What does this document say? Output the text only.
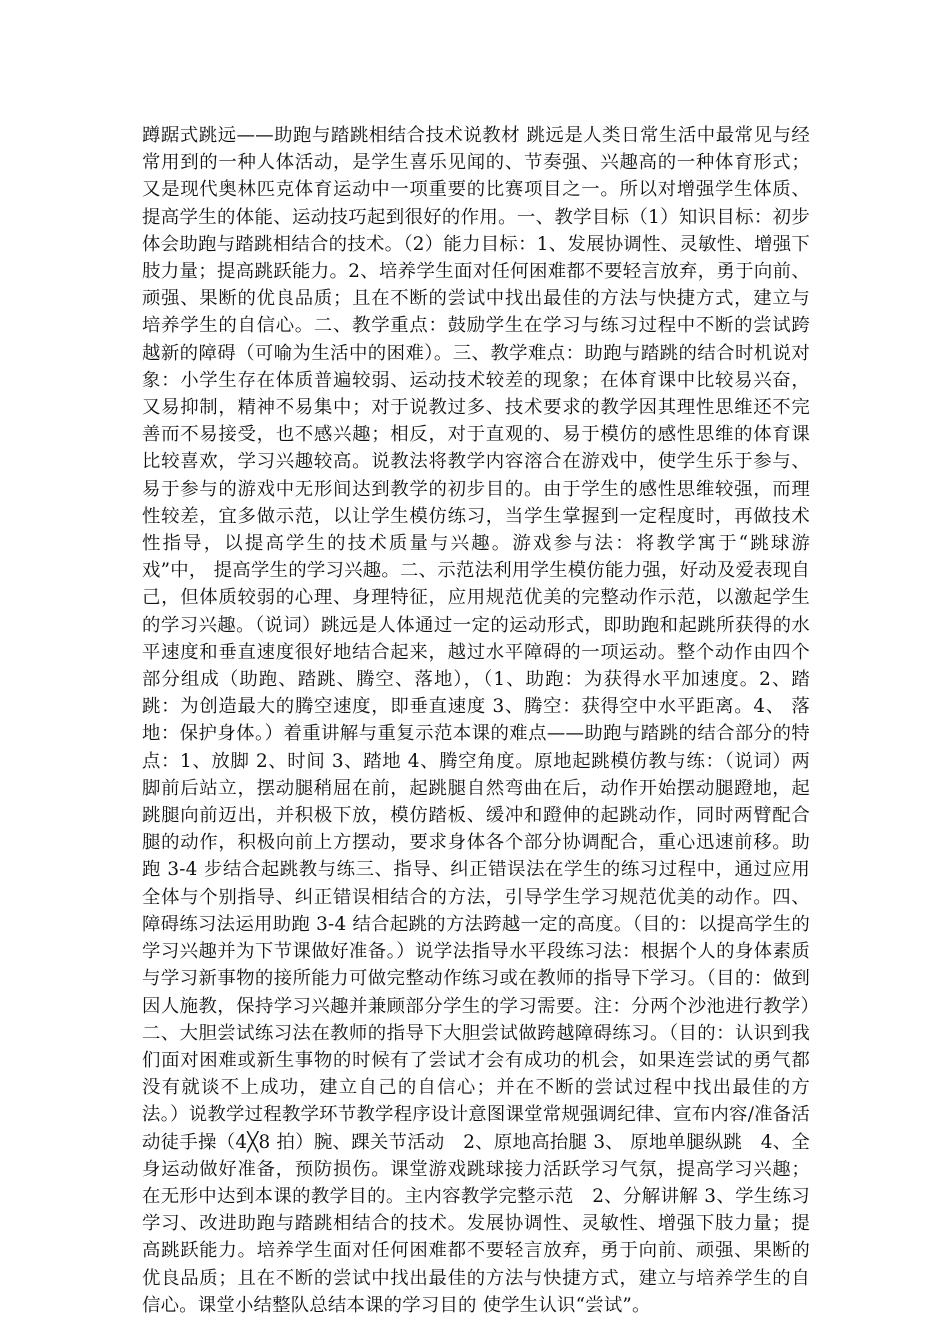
蹲踞式跳远——助跑与踏跳相结合技术说教材 跳远是人类日常生活中最常见与经常用到的一种人体活动，是学生喜乐见闻的、节奏强、兴趣高的一种体育形式；又是现代奥林匹克体育运动中一项重要的比赛项目之一。所以对增强学生体质、提高学生的体能、运动技巧起到很好的作用。一、教学目标（1）知识目标：初步体会助跑与踏跳相结合的技术。（2）能力目标：1、发展协调性、灵敏性、增强下肢力量；提高跳跃能力。2、培养学生面对任何困难都不要轻言放弃，勇于向前、顽强、果断的优良品质；且在不断的尝试中找出最佳的方法与快捷方式，建立与培养学生的自信心。二、教学重点：鼓励学生在学习与练习过程中不断的尝试跨越新的障碍（可喻为生活中的困难）。三、教学难点：助跑与踏跳的结合时机说对象：小学生存在体质普遍较弱、运动技术较差的现象；在体育课中比较易兴奋，又易抑制，精神不易集中；对于说教过多、技术要求的教学因其理性思维还不完善而不易接受，也不感兴趣；相反，对于直观的、易于模仿的感性思维的体育课比较喜欢，学习兴趣较高。说教法将教学内容溶合在游戏中，使学生乐于参与、易于参与的游戏中无形间达到教学的初步目的。由于学生的感性思维较强，而理性较差，宜多做示范，以让学生模仿练习，当学生掌握到一定程度时，再做技术性指导，以提高学生的技术质量与兴趣。游戏参与法：将教学寓于“跳球游戏”中， 提高学生的学习兴趣。二、示范法利用学生模仿能力强，好动及爱表现自己，但体质较弱的心理、身理特征，应用规范优美的完整动作示范，以激起学生的学习兴趣。（说词）跳远是人体通过一定的运动形式，即助跑和起跳所获得的水平速度和垂直速度很好地结合起来，越过水平障碍的一项运动。整个动作由四个部分组成（助跑、踏跳、腾空、落地），（1、助跑：为获得水平加速度。2、踏跳：为创造最大的腾空速度，即垂直速度 3、腾空：获得空中水平距离。4、 落地：保护身体。）着重讲解与重复示范本课的难点——助跑与踏跳的结合部分的特点：1、放脚 2、时间 3、踏地 4、腾空角度。原地起跳模仿教与练：（说词）两脚前后站立，摆动腿稍屈在前，起跳腿自然弯曲在后，动作开始摆动腿蹬地，起跳腿向前迈出，并积极下放，模仿踏板、缓冲和蹬伸的起跳动作，同时两臂配合腿的动作，积极向前上方摆动，要求身体各个部分协调配合，重心迅速前移。助跑 3-4 步结合起跳教与练三、指导、纠正错误法在学生的练习过程中，通过应用全体与个别指导、纠正错误相结合的方法，引导学生学习规范优美的动作。四、障碍练习法运用助跑 3-4 结合起跳的方法跨越一定的高度。（目的：以提高学生的学习兴趣并为下节课做好准备。）说学法指导水平段练习法：根据个人的身体素质与学习新事物的接所能力可做完整动作练习或在教师的指导下学习。（目的：做到因人施教，保持学习兴趣并兼顾部分学生的学习需要。注：分两个沙池进行教学）二、大胆尝试练习法在教师的指导下大胆尝试做跨越障碍练习。（目的：认识到我们面对困难或新生事物的时候有了尝试才会有成功的机会，如果连尝试的勇气都没有就谈不上成功，建立自己的自信心；并在不断的尝试过程中找出最佳的方法。）说教学过程教学环节教学程序设计意图课堂常规强调纪律、宣布内容/准备活动徒手操（4╳8 拍）腕、踝关节活动　2、原地高抬腿 3、 原地单腿纵跳　4、全身运动做好准备，预防损伤。课堂游戏跳球接力活跃学习气氛，提高学习兴趣；在无形中达到本课的教学目的。主内容教学完整示范　2、分解讲解 3、学生练习学习、改进助跑与踏跳相结合的技术。发展协调性、灵敏性、增强下肢力量；提高跳跃能力。培养学生面对任何困难都不要轻言放弃，勇于向前、顽强、果断的优良品质；且在不断的尝试中找出最佳的方法与快捷方式，建立与培养学生的自信心。课堂小结整队总结本课的学习目的 使学生认识“尝试”。
